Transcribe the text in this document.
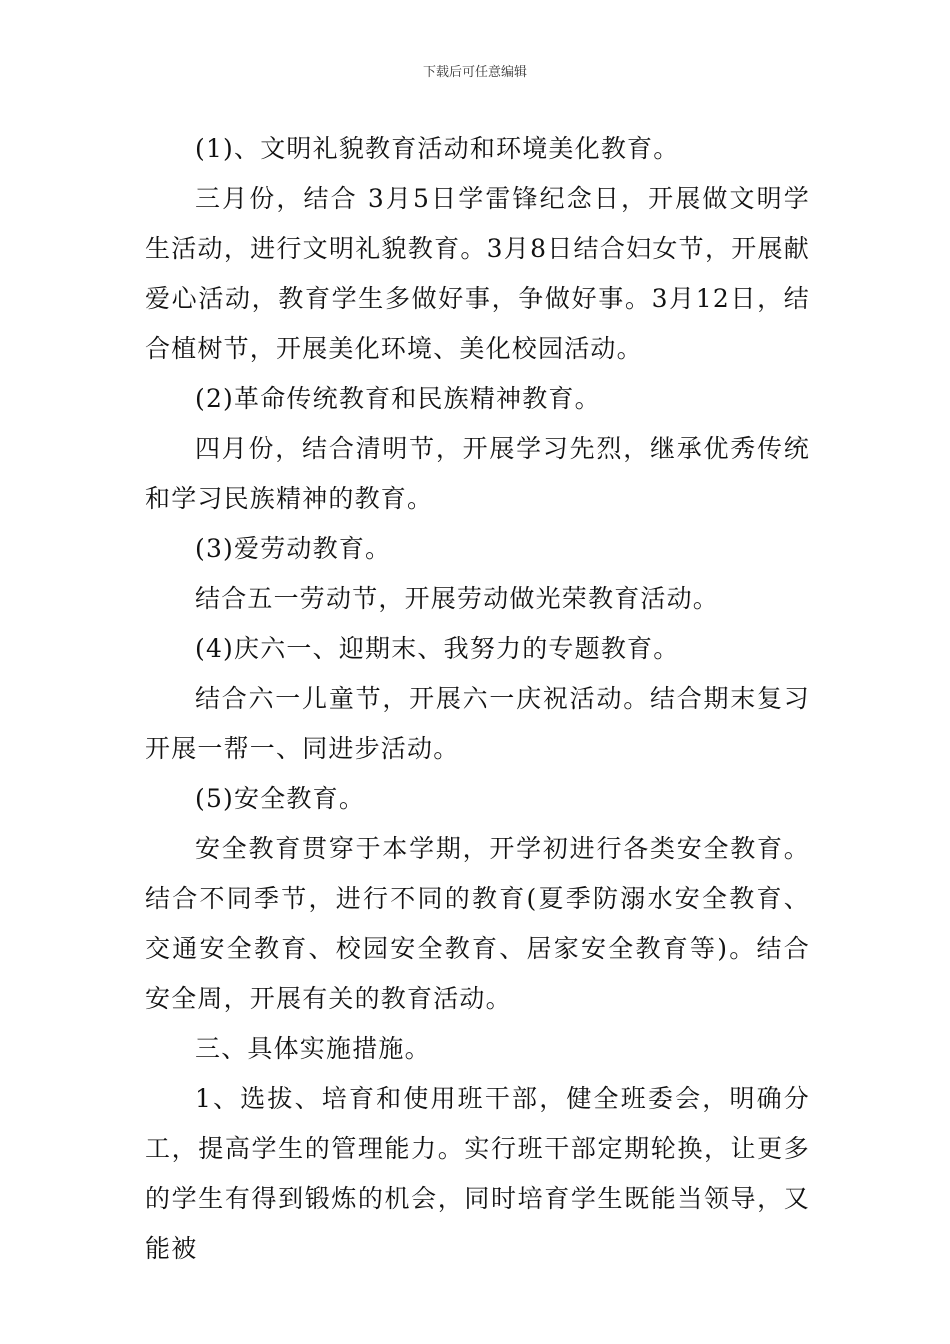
下载后可任意编辑

(1)、文明礼貌教育活动和环境美化教育。

三月份，结合 3月5日学雷锋纪念日，开展做文明学生活动，进行文明礼貌教育。3月8日结合妇女节，开展献爱心活动，教育学生多做好事，争做好事。3月12日，结合植树节，开展美化环境、美化校园活动。

(2)革命传统教育和民族精神教育。

四月份，结合清明节，开展学习先烈，继承优秀传统和学习民族精神的教育。

(3)爱劳动教育。

结合五一劳动节，开展劳动做光荣教育活动。

(4)庆六一、迎期末、我努力的专题教育。

结合六一儿童节，开展六一庆祝活动。结合期末复习开展一帮一、同进步活动。

(5)安全教育。

安全教育贯穿于本学期，开学初进行各类安全教育。结合不同季节，进行不同的教育(夏季防溺水安全教育、交通安全教育、校园安全教育、居家安全教育等)。结合安全周，开展有关的教育活动。

三、具体实施措施。

1、选拔、培育和使用班干部，健全班委会，明确分工，提高学生的管理能力。实行班干部定期轮换，让更多的学生有得到锻炼的机会，同时培育学生既能当领导，又能被
